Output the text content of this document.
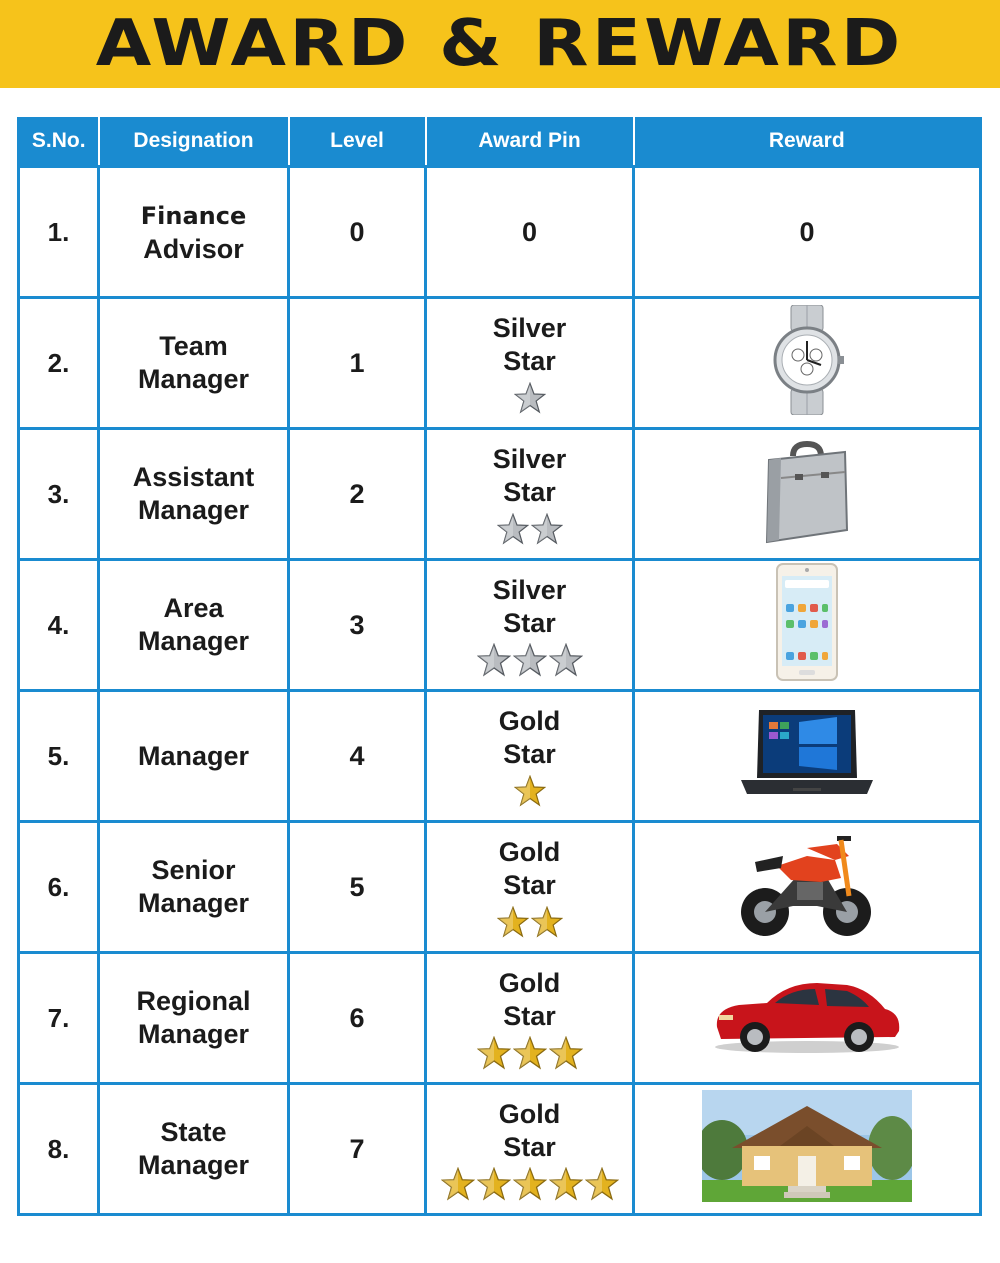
AWARD & REWARD
S.No.	Designation	Level	Award Pin	Reward
1.	Finance
Advisor	0	0	0
2.	Team
Manager	1	Silver
Star

3.	Assistant
Manager	2	Silver
Star

4.	Area
Manager	3	Silver
Star

5.	Manager	4	Gold
Star

6.	Senior
Manager	5	Gold
Star

7.	Regional
Manager	6	Gold
Star

8.	State
Manager	7	Gold
Star
